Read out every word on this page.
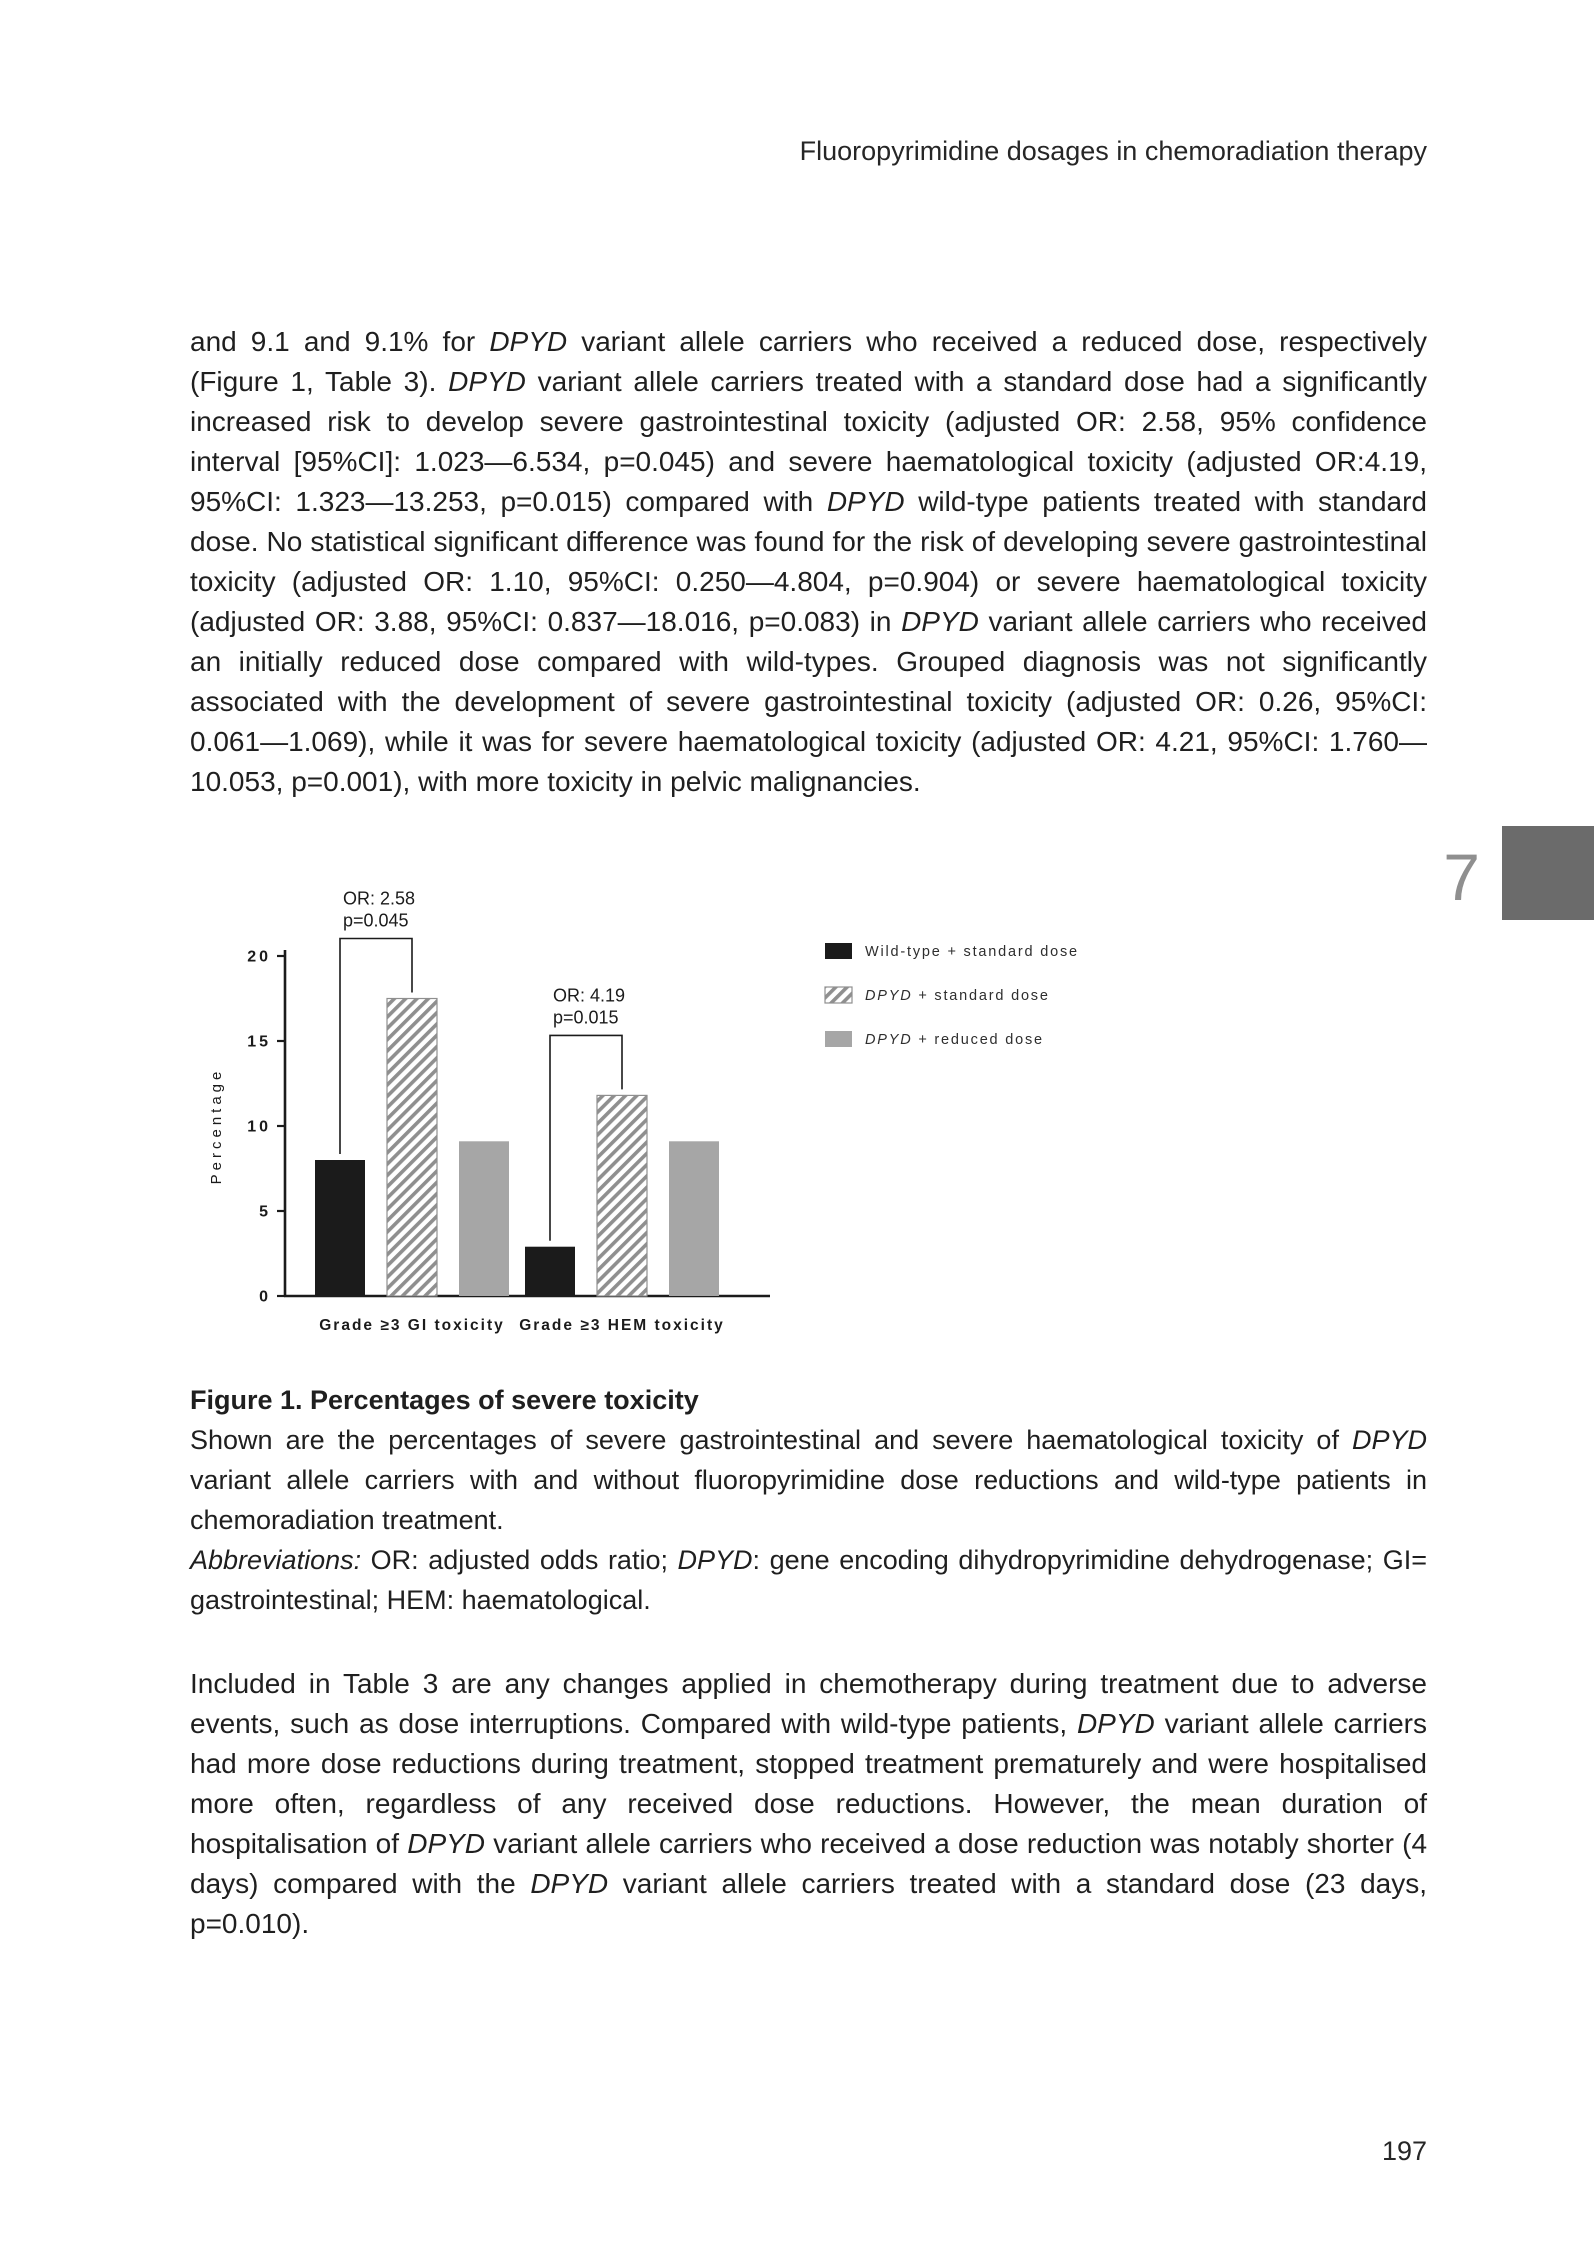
Fluoropyrimidine dosages in chemoradiation therapy

and 9.1 and 9.1% for DPYD variant allele carriers who received a reduced dose, respectively (Figure 1, Table 3). DPYD variant allele carriers treated with a standard dose had a significantly increased risk to develop severe gastrointestinal toxicity (adjusted OR: 2.58, 95% confidence interval [95%CI]: 1.023—6.534, p=0.045) and severe haematological toxicity (adjusted OR:4.19, 95%CI: 1.323—13.253, p=0.015) compared with DPYD wild-type patients treated with standard dose. No statistical significant difference was found for the risk of developing severe gastrointestinal toxicity (adjusted OR: 1.10, 95%CI: 0.250—4.804, p=0.904) or severe haematological toxicity (adjusted OR: 3.88, 95%CI: 0.837—18.016, p=0.083) in DPYD variant allele carriers who received an initially reduced dose compared with wild-types. Grouped diagnosis was not significantly associated with the development of severe gastrointestinal toxicity (adjusted OR: 0.26, 95%CI: 0.061—1.069), while it was for severe haematological toxicity (adjusted OR: 4.21, 95%CI: 1.760—10.053, p=0.001), with more toxicity in pelvic malignancies.

7
0
5
10
15
20
Percentage
Grade ≥3 GI toxicity Grade ≥3 HEM toxicity
OR: 2.58
p=0.045
OR: 4.19
p=0.015
Wild-type + standard dose
DPYD + standard dose
DPYD + reduced dose
Figure 1. Percentages of severe toxicity
Shown are the percentages of severe gastrointestinal and severe haematological toxicity of DPYD variant allele carriers with and without fluoropyrimidine dose reductions and wild-type patients in chemoradiation treatment.
Abbreviations: OR: adjusted odds ratio; DPYD: gene encoding dihydropyrimidine dehydrogenase; GI= gastrointestinal; HEM: haematological.

Included in Table 3 are any changes applied in chemotherapy during treatment due to adverse events, such as dose interruptions. Compared with wild-type patients, DPYD variant allele carriers had more dose reductions during treatment, stopped treatment prematurely and were hospitalised more often, regardless of any received dose reductions. However, the mean duration of hospitalisation of DPYD variant allele carriers who received a dose reduction was notably shorter (4 days) compared with the DPYD variant allele carriers treated with a standard dose (23 days, p=0.010).

197
